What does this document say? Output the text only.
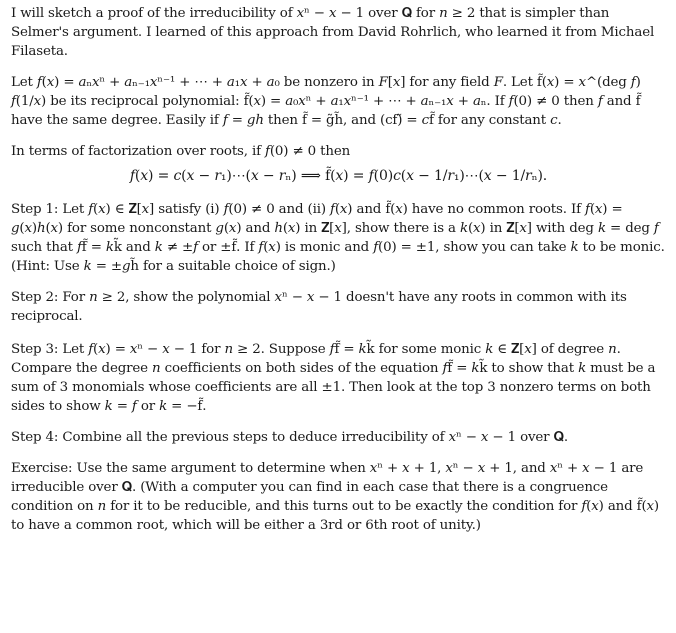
I will sketch a proof of the irreducibility of 𝑥ⁿ − 𝑥 − 1 over 𝐐 for 𝑛 ≥ 2 that is simpler than Selmer's argument. I learned of this approach from David Rohrlich, who learned it from Michael Filaseta.

Let 𝑓(𝑥) = 𝑎ₙ𝑥ⁿ + 𝑎ₙ₋₁𝑥ⁿ⁻¹ + ⋯ + 𝑎₁𝑥 + 𝑎₀ be nonzero in 𝐹[𝑥] for any field 𝐹. Let f̃(𝑥) = 𝑥^(deg 𝑓) 𝑓(1/𝑥) be its reciprocal polynomial: f̃(𝑥) = 𝑎₀𝑥ⁿ + 𝑎₁𝑥ⁿ⁻¹ + ⋯ + 𝑎ₙ₋₁𝑥 + 𝑎ₙ. If 𝑓(0) ≠ 0 then 𝑓 and f̃ have the same degree. Easily if 𝑓 = 𝑔ℎ then f̃ = g̃h̃, and (cf)̃ = 𝑐f̃ for any constant 𝑐.

In terms of factorization over roots, if 𝑓(0) ≠ 0 then

𝑓(𝑥) = 𝑐(𝑥 − 𝑟₁)⋯(𝑥 − 𝑟ₙ) ⟹ f̃(𝑥) = 𝑓(0)𝑐(𝑥 − 1/𝑟₁)⋯(𝑥 − 1/𝑟ₙ).

Step 1: Let 𝑓(𝑥) ∈ 𝐙[𝑥] satisfy (i) 𝑓(0) ≠ 0 and (ii) 𝑓(𝑥) and f̃(𝑥) have no common roots. If 𝑓(𝑥) = 𝑔(𝑥)ℎ(𝑥) for some nonconstant 𝑔(𝑥) and ℎ(𝑥) in 𝐙[𝑥], show there is a 𝑘(𝑥) in 𝐙[𝑥] with deg 𝑘 = deg 𝑓 such that 𝑓f̃ = 𝑘k̃ and 𝑘 ≠ ±𝑓 or ±f̃. If 𝑓(𝑥) is monic and 𝑓(0) = ±1, show you can take 𝑘 to be monic. (Hint: Use 𝑘 = ±𝑔h̃ for a suitable choice of sign.)

Step 2: For 𝑛 ≥ 2, show the polynomial 𝑥ⁿ − 𝑥 − 1 doesn't have any roots in common with its reciprocal.

Step 3: Let 𝑓(𝑥) = 𝑥ⁿ − 𝑥 − 1 for 𝑛 ≥ 2. Suppose 𝑓f̃ = 𝑘k̃ for some monic 𝑘 ∈ 𝐙[𝑥] of degree 𝑛. Compare the degree 𝑛 coefficients on both sides of the equation 𝑓f̃ = 𝑘k̃ to show that 𝑘 must be a sum of 3 monomials whose coefficients are all ±1. Then look at the top 3 nonzero terms on both sides to show 𝑘 = 𝑓 or 𝑘 = −f̃.

Step 4: Combine all the previous steps to deduce irreducibility of 𝑥ⁿ − 𝑥 − 1 over 𝐐.

Exercise: Use the same argument to determine when 𝑥ⁿ + 𝑥 + 1, 𝑥ⁿ − 𝑥 + 1, and 𝑥ⁿ + 𝑥 − 1 are irreducible over 𝐐. (With a computer you can find in each case that there is a congruence condition on 𝑛 for it to be reducible, and this turns out to be exactly the condition for 𝑓(𝑥) and f̃(𝑥) to have a common root, which will be either a 3rd or 6th root of unity.)
